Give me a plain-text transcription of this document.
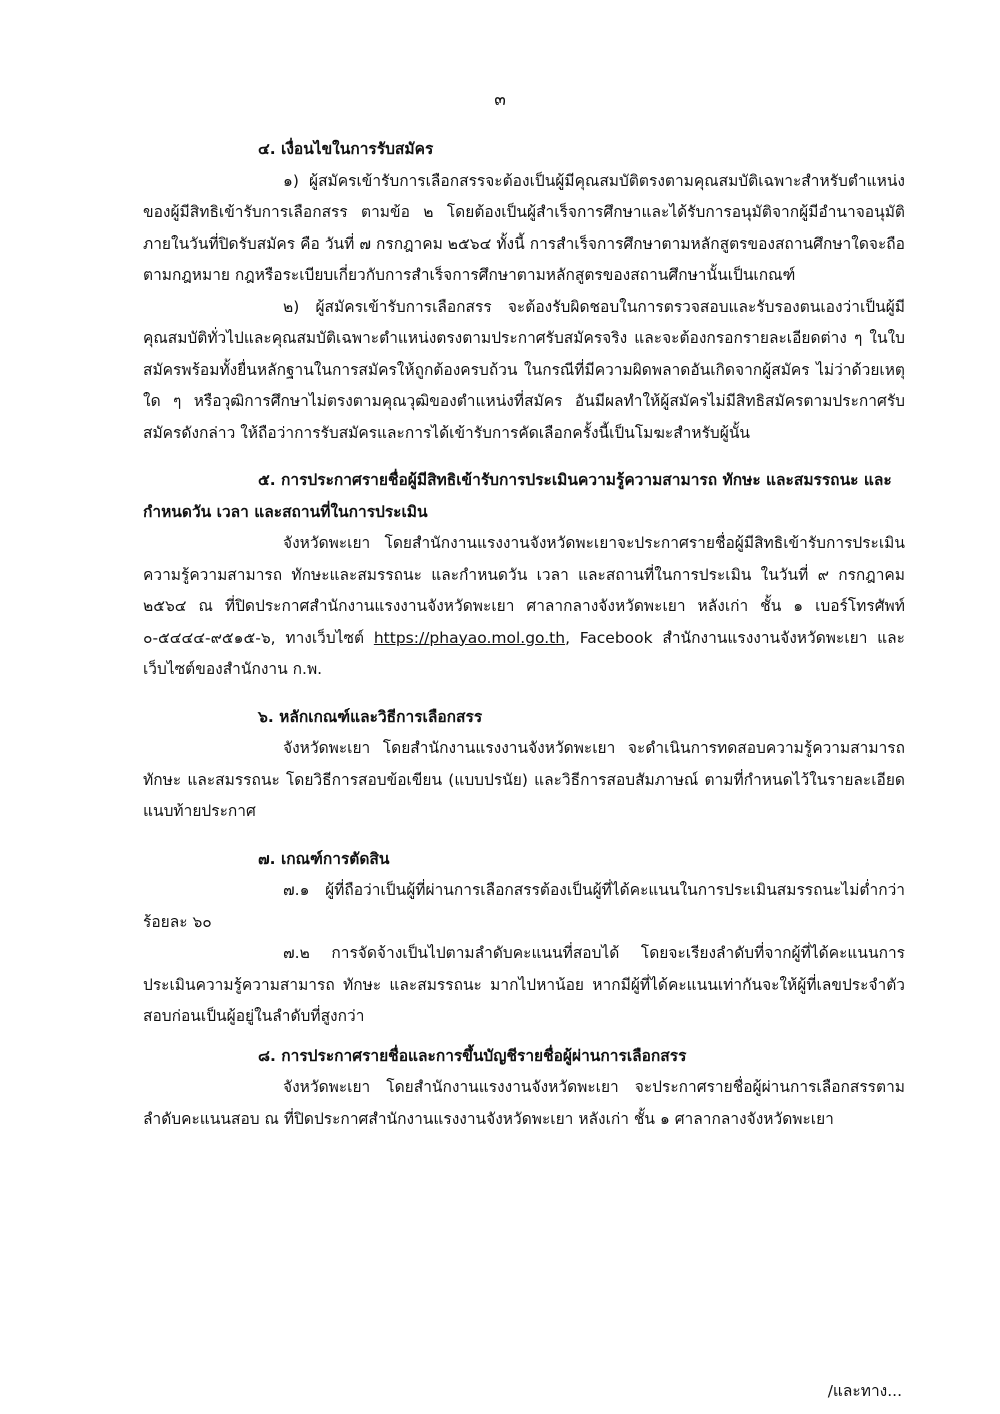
๓

๔. เงื่อนไขในการรับสมัคร

๑) ผู้สมัครเข้ารับการเลือกสรรจะต้องเป็นผู้มีคุณสมบัติตรงตามคุณสมบัติเฉพาะสำหรับตำแหน่งของผู้มีสิทธิเข้ารับการเลือกสรร ตามข้อ ๒ โดยต้องเป็นผู้สำเร็จการศึกษาและได้รับการอนุมัติจากผู้มีอำนาจอนุมัติภายในวันที่ปิดรับสมัคร คือ วันที่ ๗ กรกฎาคม ๒๕๖๔ ทั้งนี้ การสำเร็จการศึกษาตามหลักสูตรของสถานศึกษาใดจะถือตามกฎหมาย กฎหรือระเบียบเกี่ยวกับการสำเร็จการศึกษาตามหลักสูตรของสถานศึกษานั้นเป็นเกณฑ์

๒) ผู้สมัครเข้ารับการเลือกสรร จะต้องรับผิดชอบในการตรวจสอบและรับรองตนเองว่าเป็นผู้มีคุณสมบัติทั่วไปและคุณสมบัติเฉพาะตำแหน่งตรงตามประกาศรับสมัครจริง และจะต้องกรอกรายละเอียดต่าง ๆ ในใบสมัครพร้อมทั้งยื่นหลักฐานในการสมัครให้ถูกต้องครบถ้วน ในกรณีที่มีความผิดพลาดอันเกิดจากผู้สมัคร ไม่ว่าด้วยเหตุใด ๆ หรือวุฒิการศึกษาไม่ตรงตามคุณวุฒิของตำแหน่งที่สมัคร อันมีผลทำให้ผู้สมัครไม่มีสิทธิสมัครตามประกาศรับสมัครดังกล่าว ให้ถือว่าการรับสมัครและการได้เข้ารับการคัดเลือกครั้งนี้เป็นโมฆะสำหรับผู้นั้น

๕. การประกาศรายชื่อผู้มีสิทธิเข้ารับการประเมินความรู้ความสามารถ ทักษะ และสมรรถนะ และกำหนดวัน เวลา และสถานที่ในการประเมิน

จังหวัดพะเยา โดยสำนักงานแรงงานจังหวัดพะเยาจะประกาศรายชื่อผู้มีสิทธิเข้ารับการประเมินความรู้ความสามารถ ทักษะและสมรรถนะ และกำหนดวัน เวลา และสถานที่ในการประเมิน ในวันที่ ๙ กรกฎาคม ๒๕๖๔ ณ ที่ปิดประกาศสำนักงานแรงงานจังหวัดพะเยา ศาลากลางจังหวัดพะเยา หลังเก่า ชั้น ๑ เบอร์โทรศัพท์ ๐-๕๔๔๔-๙๕๑๕-๖, ทางเว็บไซต์ https://phayao.mol.go.th, Facebook สำนักงานแรงงานจังหวัดพะเยา และเว็บไซต์ของสำนักงาน ก.พ.

๖. หลักเกณฑ์และวิธีการเลือกสรร

จังหวัดพะเยา โดยสำนักงานแรงงานจังหวัดพะเยา จะดำเนินการทดสอบความรู้ความสามารถ ทักษะ และสมรรถนะ โดยวิธีการสอบข้อเขียน (แบบปรนัย) และวิธีการสอบสัมภาษณ์ ตามที่กำหนดไว้ในรายละเอียดแนบท้ายประกาศ

๗. เกณฑ์การตัดสิน

๗.๑ ผู้ที่ถือว่าเป็นผู้ที่ผ่านการเลือกสรรต้องเป็นผู้ที่ได้คะแนนในการประเมินสมรรถนะไม่ต่ำกว่าร้อยละ ๖๐

๗.๒ การจัดจ้างเป็นไปตามลำดับคะแนนที่สอบได้ โดยจะเรียงลำดับที่จากผู้ที่ได้คะแนนการประเมินความรู้ความสามารถ ทักษะ และสมรรถนะ มากไปหาน้อย หากมีผู้ที่ได้คะแนนเท่ากันจะให้ผู้ที่เลขประจำตัวสอบก่อนเป็นผู้อยู่ในลำดับที่สูงกว่า

๘. การประกาศรายชื่อและการขึ้นบัญชีรายชื่อผู้ผ่านการเลือกสรร

จังหวัดพะเยา โดยสำนักงานแรงงานจังหวัดพะเยา จะประกาศรายชื่อผู้ผ่านการเลือกสรรตามลำดับคะแนนสอบ ณ ที่ปิดประกาศสำนักงานแรงงานจังหวัดพะเยา หลังเก่า ชั้น ๑ ศาลากลางจังหวัดพะเยา

/และทาง...
